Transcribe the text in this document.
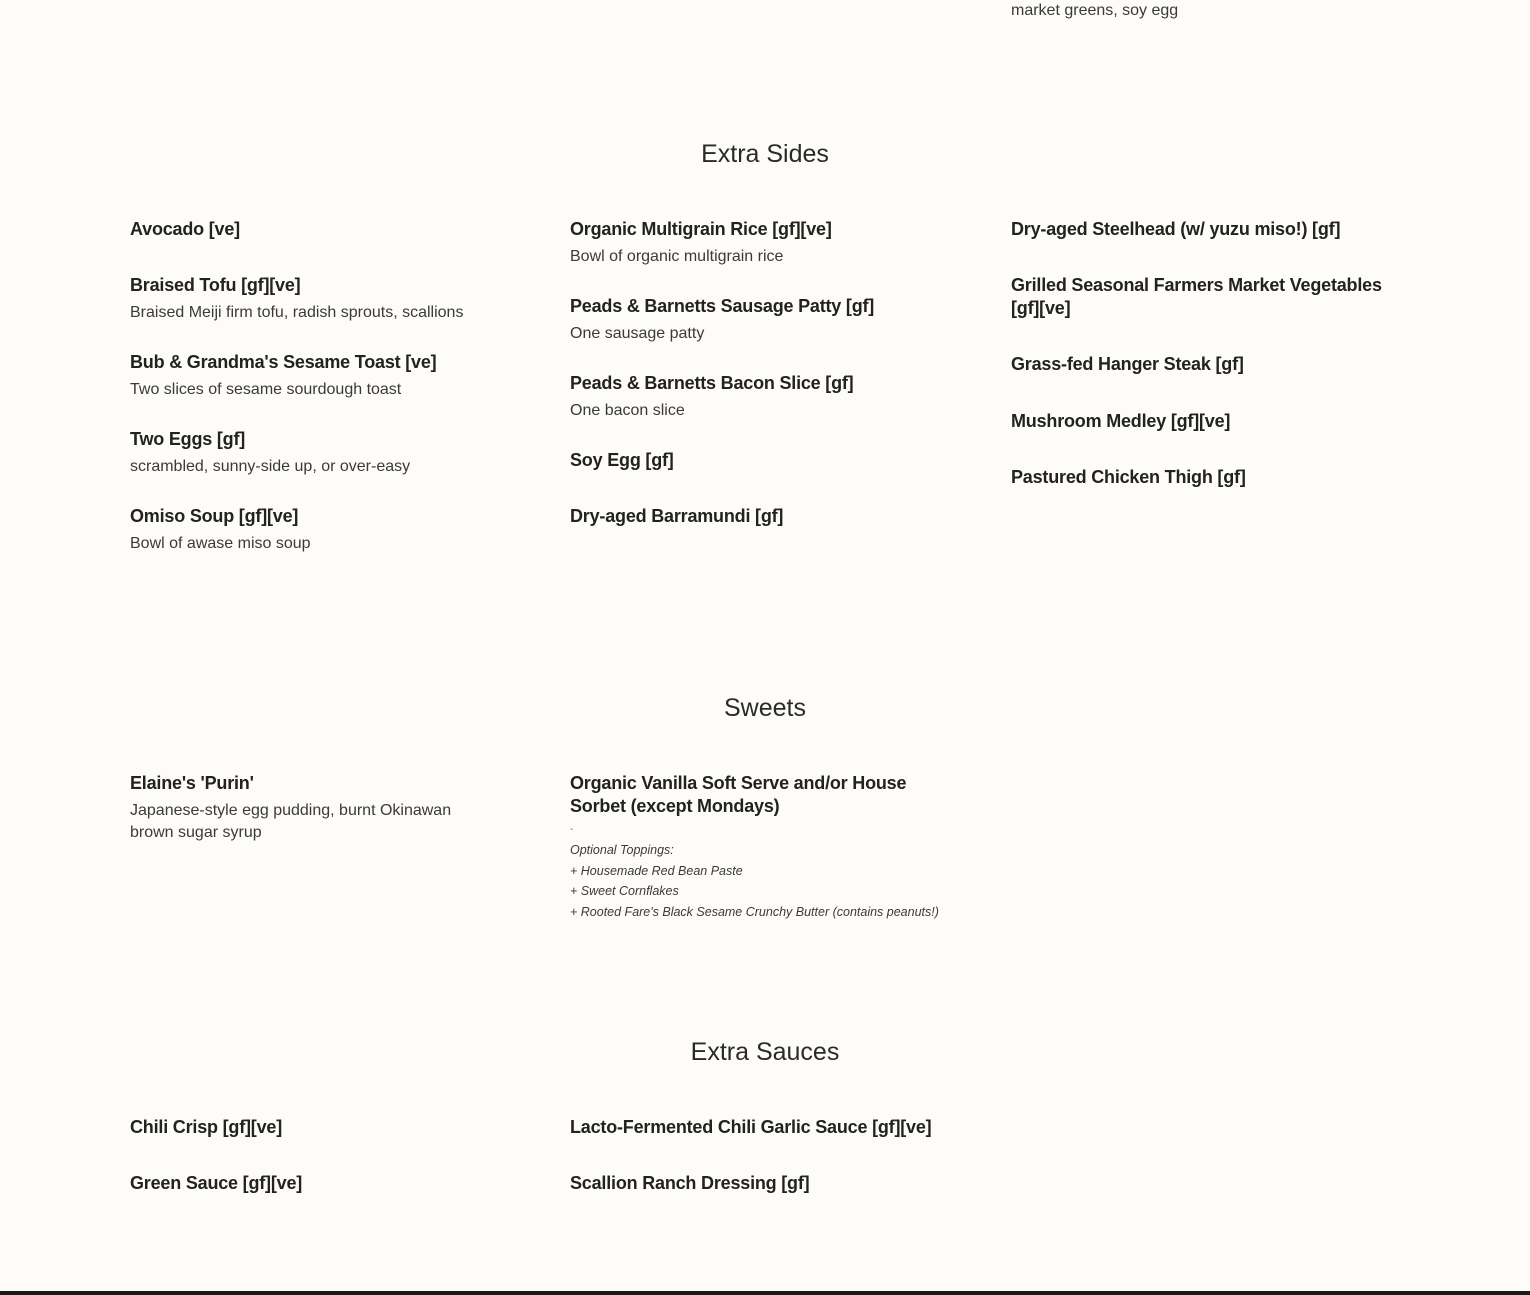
market greens, soy egg
Extra Sides
Avocado [ve]
Braised Tofu [gf][ve]
Braised Meiji firm tofu, radish sprouts, scallions
Bub & Grandma's Sesame Toast [ve]
Two slices of sesame sourdough toast
Two Eggs [gf]
scrambled, sunny-side up, or over-easy
Omiso Soup [gf][ve]
Bowl of awase miso soup
Organic Multigrain Rice [gf][ve]
Bowl of organic multigrain rice
Peads & Barnetts Sausage Patty [gf]
One sausage patty
Peads & Barnetts Bacon Slice [gf]
One bacon slice
Soy Egg [gf]
Dry-aged Barramundi [gf]
Dry-aged Steelhead (w/ yuzu miso!) [gf]
Grilled Seasonal Farmers Market Vegetables [gf][ve]
Grass-fed Hanger Steak [gf]
Mushroom Medley [gf][ve]
Pastured Chicken Thigh [gf]
Sweets
Elaine's 'Purin'
Japanese-style egg pudding, burnt Okinawan brown sugar syrup
Organic Vanilla Soft Serve and/or House Sorbet (except Mondays)
-
Optional Toppings:
+ Housemade Red Bean Paste
+ Sweet Cornflakes
+ Rooted Fare's Black Sesame Crunchy Butter (contains peanuts!)
Extra Sauces
Chili Crisp [gf][ve]
Green Sauce [gf][ve]
Lacto-Fermented Chili Garlic Sauce [gf][ve]
Scallion Ranch Dressing [gf]
